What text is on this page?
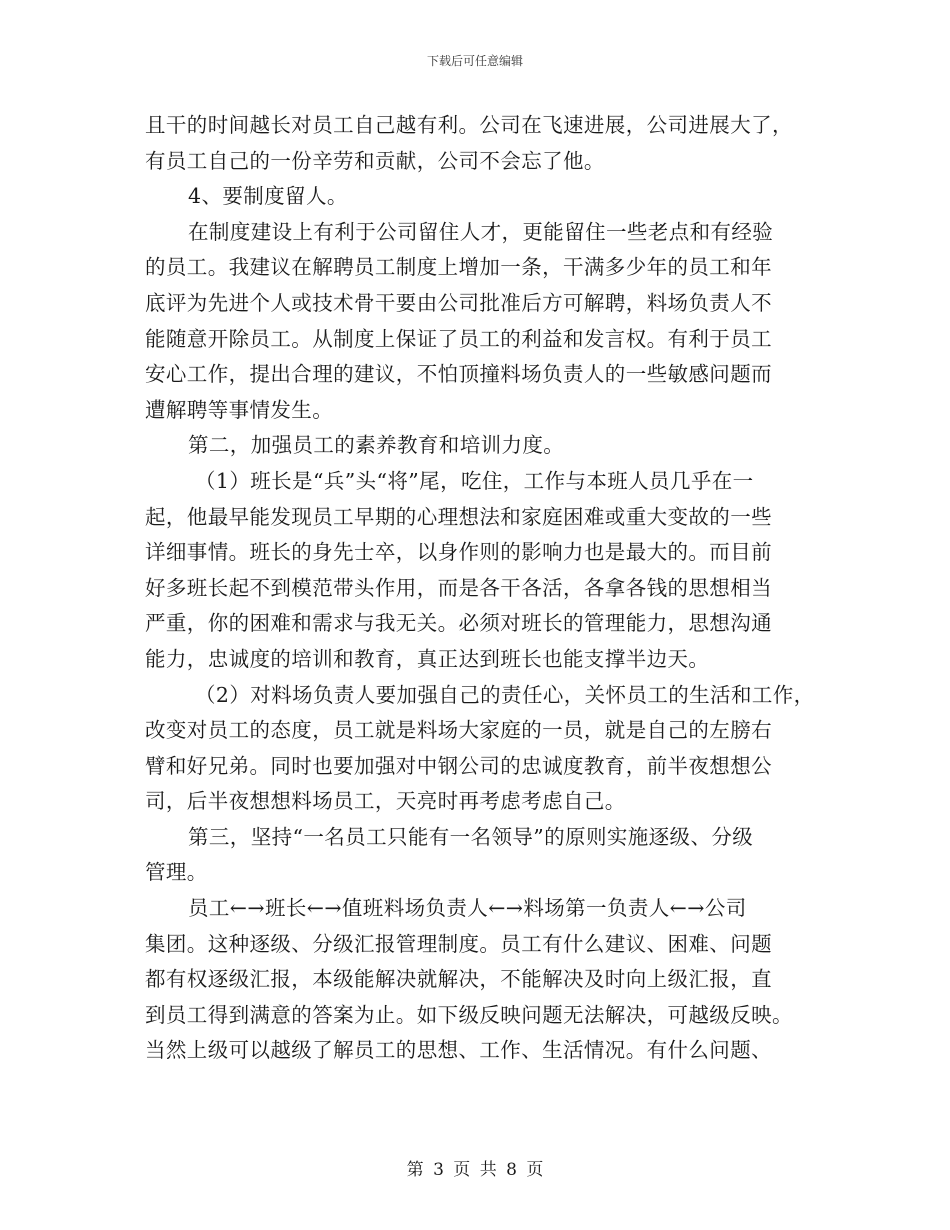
下载后可任意编辑
且干的时间越长对员工自己越有利。公司在飞速进展，公司进展大了，
有员工自己的一份辛劳和贡献，公司不会忘了他。
4、要制度留人。
在制度建设上有利于公司留住人才，更能留住一些老点和有经验
的员工。我建议在解聘员工制度上增加一条，干满多少年的员工和年
底评为先进个人或技术骨干要由公司批准后方可解聘，料场负责人不
能随意开除员工。从制度上保证了员工的利益和发言权。有利于员工
安心工作，提出合理的建议，不怕顶撞料场负责人的一些敏感问题而
遭解聘等事情发生。
第二，加强员工的素养教育和培训力度。
（1）班长是“兵”头“将”尾，吃住，工作与本班人员几乎在一
起，他最早能发现员工早期的心理想法和家庭困难或重大变故的一些
详细事情。班长的身先士卒，以身作则的影响力也是最大的。而目前
好多班长起不到模范带头作用，而是各干各活，各拿各钱的思想相当
严重，你的困难和需求与我无关。必须对班长的管理能力，思想沟通
能力，忠诚度的培训和教育，真正达到班长也能支撑半边天。
（2）对料场负责人要加强自己的责任心，关怀员工的生活和工作，
改变对员工的态度，员工就是料场大家庭的一员，就是自己的左膀右
臂和好兄弟。同时也要加强对中钢公司的忠诚度教育，前半夜想想公
司，后半夜想想料场员工，天亮时再考虑考虑自己。
第三，坚持“一名员工只能有一名领导”的原则实施逐级、分级
管理。
员工←→班长←→值班料场负责人←→料场第一负责人←→公司
集团。这种逐级、分级汇报管理制度。员工有什么建议、困难、问题
都有权逐级汇报，本级能解决就解决，不能解决及时向上级汇报，直
到员工得到满意的答案为止。如下级反映问题无法解决，可越级反映。
当然上级可以越级了解员工的思想、工作、生活情况。有什么问题、
第 3 页 共 8 页
